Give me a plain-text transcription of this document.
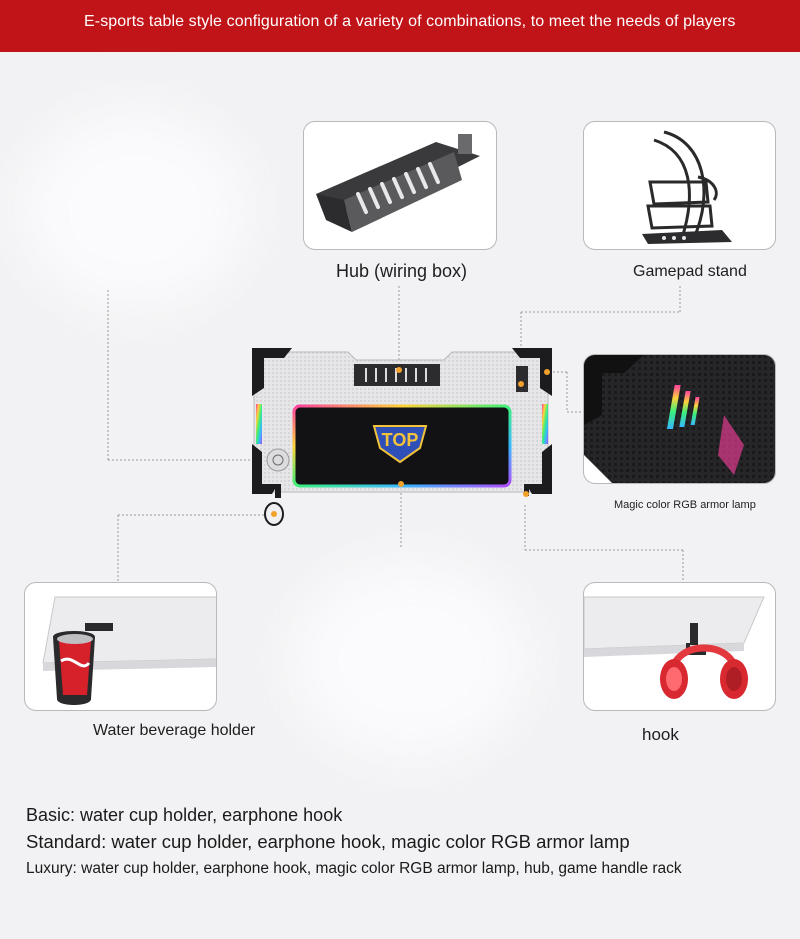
E-sports table style configuration of a variety of combinations, to meet the needs of players
Hub (wiring box)	Gamepad stand
TOP
Magic color RGB armor lamp
Water beverage holder	hook
Basic: water cup holder, earphone hook
Standard: water cup holder, earphone hook, magic color RGB armor lamp
Luxury: water cup holder, earphone hook, magic color RGB armor lamp, hub, game handle rack
